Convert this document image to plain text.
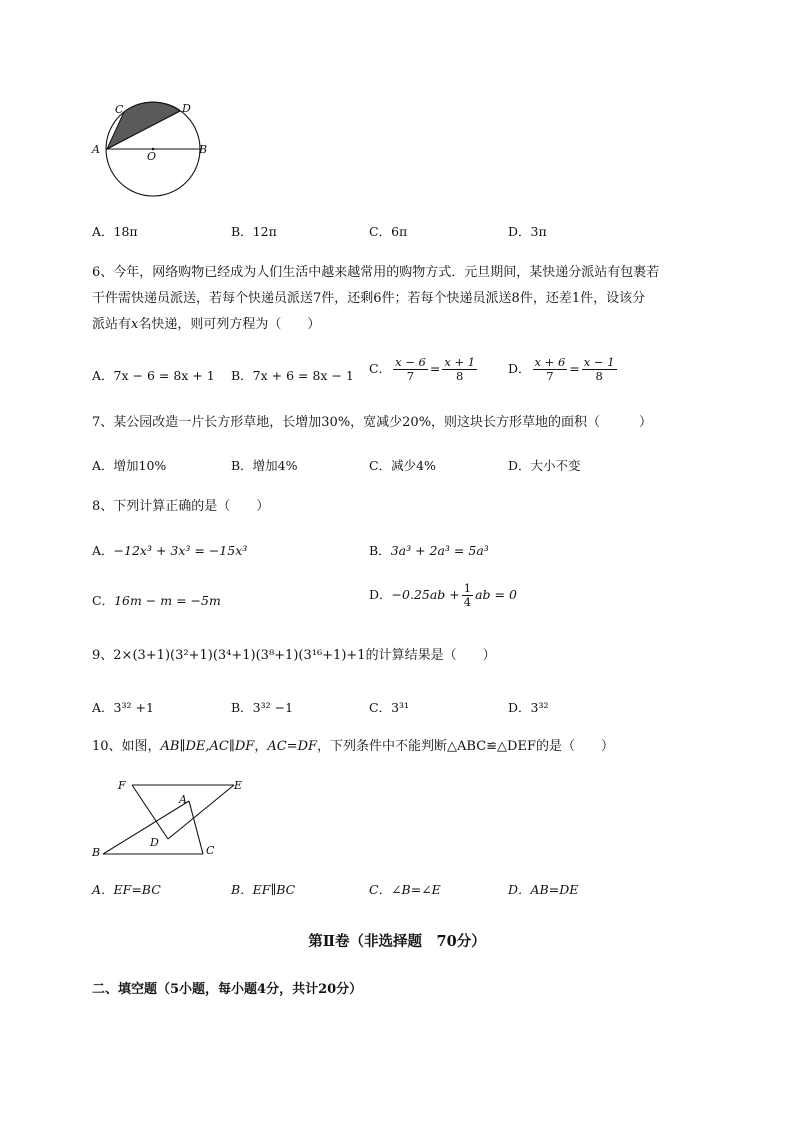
C	D
A
O
B
A．18π	B．12π	C．6π	D．3π
6、今年，网络购物已经成为人们生活中越来越常用的购物方式．元旦期间，某快递分派站有包裹若
干件需快递员派送，若每个快递员派送7件，还剩6件；若每个快递员派送8件，还差1件，设该分
派站有x名快递，则可列方程为（　　）
A．7x − 6 = 8x + 1 B．7x + 6 = 8x − 1 C． $\frac{x - 6}{7} = \frac{x + 1}{8}$ D． $\frac{x + 6}{7} = \frac{x - 1}{8}$
7、某公园改造一片长方形草地，长增加30%，宽减少20%，则这块长方形草地的面积（　　　）
A．增加10%	B．增加4%	C．减少4%	D．大小不变
8、下列计算正确的是（　　）
A．−12x³ + 3x³ = −15x³	B．3a³ + 2a³ = 5a³
C．16m − m = −5m	D．$-0.25ab + \frac{1}{4}$ ab = 0
9、2×(3+1)(3²+1)(3⁴+1)(3⁸+1)(3¹⁶+1)+1的计算结果是（　　）
A．3³² +1	B．3³² −1	C．3³¹	D．3³²
10、如图，AB∥DE,AC∥DF，AC=DF，下列条件中不能判断△ABC≌△DEF的是（　　）
F	E
A
D
B	C
A．EF=BC	B．EF∥BC	C．∠B=∠E	D．AB=DE
第Ⅱ卷（非选择题　70分）
二、填空题（5小题，每小题4分，共计20分）
